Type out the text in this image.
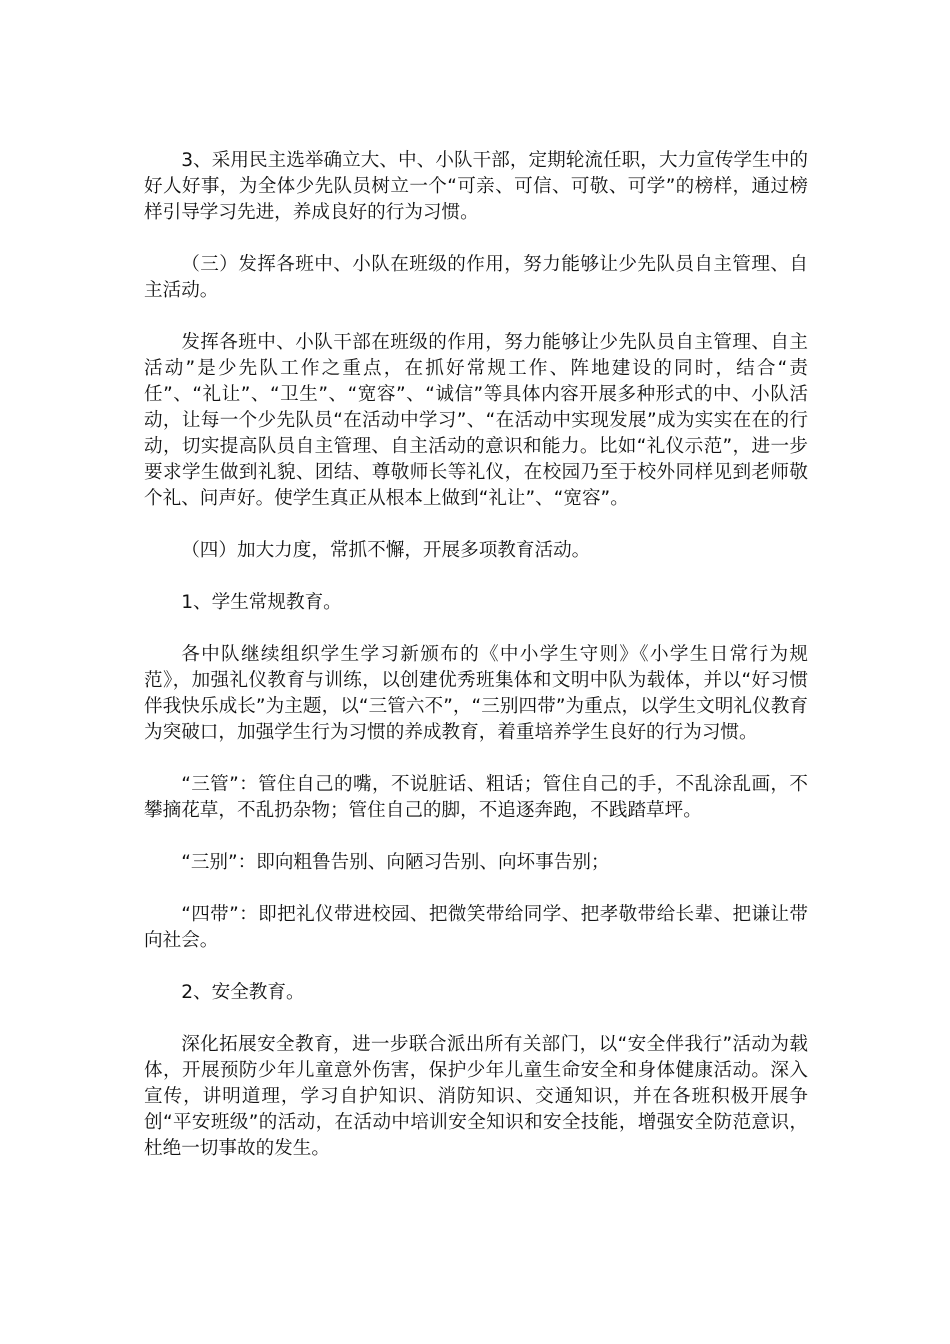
3、采用民主选举确立大、中、小队干部，定期轮流任职，大力宣传学生中的好人好事，为全体少先队员树立一个“可亲、可信、可敬、可学”的榜样，通过榜样引导学习先进，养成良好的行为习惯。

（三）发挥各班中、小队在班级的作用，努力能够让少先队员自主管理、自主活动。

发挥各班中、小队干部在班级的作用，努力能够让少先队员自主管理、自主活动”是少先队工作之重点，在抓好常规工作、阵地建设的同时，结合“责任”、“礼让”、“卫生”、“宽容”、“诚信”等具体内容开展多种形式的中、小队活动，让每一个少先队员“在活动中学习”、“在活动中实现发展”成为实实在在的行动，切实提高队员自主管理、自主活动的意识和能力。比如“礼仪示范”，进一步要求学生做到礼貌、团结、尊敬师长等礼仪，在校园乃至于校外同样见到老师敬个礼、问声好。使学生真正从根本上做到“礼让”、“宽容”。

（四）加大力度，常抓不懈，开展多项教育活动。

1、学生常规教育。

各中队继续组织学生学习新颁布的《中小学生守则》《小学生日常行为规范》，加强礼仪教育与训练，以创建优秀班集体和文明中队为载体，并以“好习惯伴我快乐成长”为主题，以“三管六不”，“三别四带”为重点，以学生文明礼仪教育为突破口，加强学生行为习惯的养成教育，着重培养学生良好的行为习惯。

“三管”：管住自己的嘴，不说脏话、粗话；管住自己的手，不乱涂乱画，不攀摘花草，不乱扔杂物；管住自己的脚，不追逐奔跑，不践踏草坪。

“三别”：即向粗鲁告别、向陋习告别、向坏事告别；

“四带”：即把礼仪带进校园、把微笑带给同学、把孝敬带给长辈、把谦让带向社会。

2、安全教育。

深化拓展安全教育，进一步联合派出所有关部门，以“安全伴我行”活动为载体，开展预防少年儿童意外伤害，保护少年儿童生命安全和身体健康活动。深入宣传，讲明道理，学习自护知识、消防知识、交通知识，并在各班积极开展争创“平安班级”的活动，在活动中培训安全知识和安全技能，增强安全防范意识，杜绝一切事故的发生。
